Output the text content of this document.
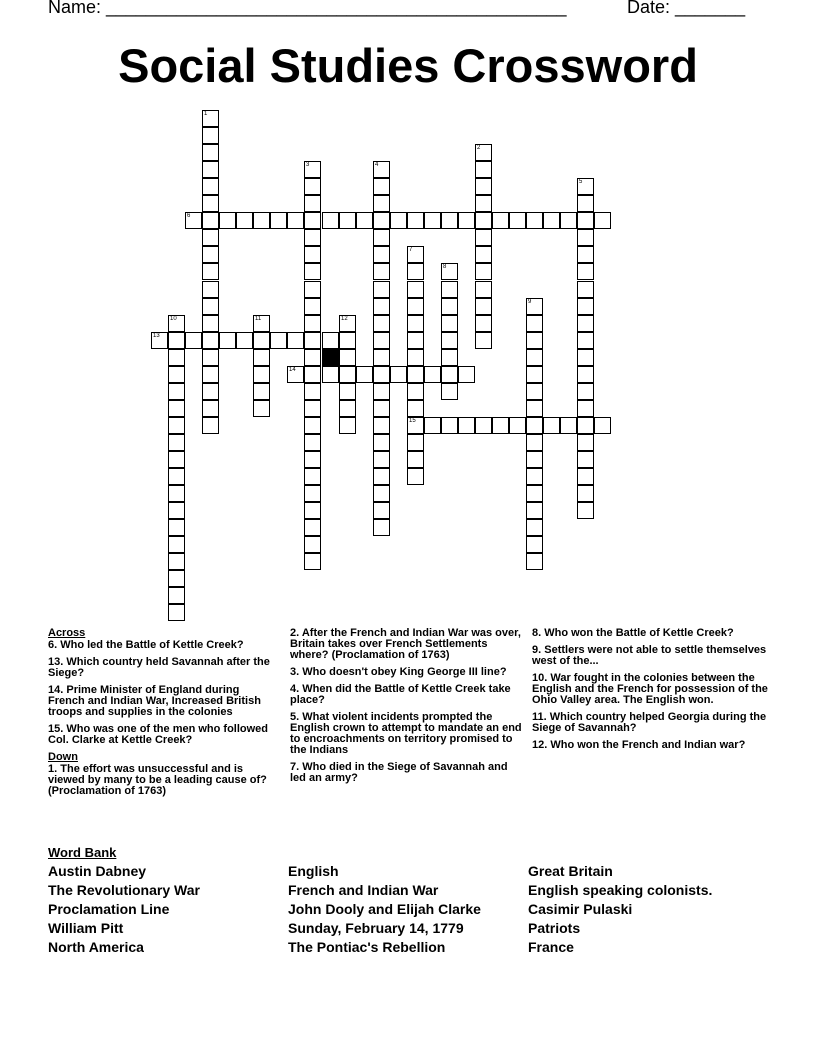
Name: ______________________________________________	Date: _______
Social Studies Crossword
1
2
3	4
5
6
7
15
8
9
10	11	12
13
14
Across
6. Who led the Battle of Kettle Creek?
13. Which country held Savannah after the Siege?
14. Prime Minister of England during French and Indian War, Increased British troops and supplies in the colonies
15. Who was one of the men who followed Col. Clarke at Kettle Creek?
Down
1. The effort was unsuccessful and is viewed by many to be a leading cause of? (Proclamation of 1763)
2. After the French and Indian War was over, Britain takes over French Settlements where? (Proclamation of 1763)
3. Who doesn't obey King George III line?
4. When did the Battle of Kettle Creek take place?
5. What violent incidents prompted the English crown to attempt to mandate an end to encroachments on territory promised to the Indians
7. Who died in the Siege of Savannah and led an army?
8. Who won the Battle of Kettle Creek?
9. Settlers were not able to settle themselves west of the...
10. War fought in the colonies between the English and the French for possession of the Ohio Valley area. The English won.
11. Which country helped Georgia during the Siege of Savannah?
12. Who won the French and Indian war?
Word Bank
Austin Dabney
The Revolutionary War
Proclamation Line
William Pitt
North America
English
French and Indian War
John Dooly and Elijah Clarke
Sunday, February 14, 1779
The Pontiac's Rebellion
Great Britain
English speaking colonists.
Casimir Pulaski
Patriots
France
